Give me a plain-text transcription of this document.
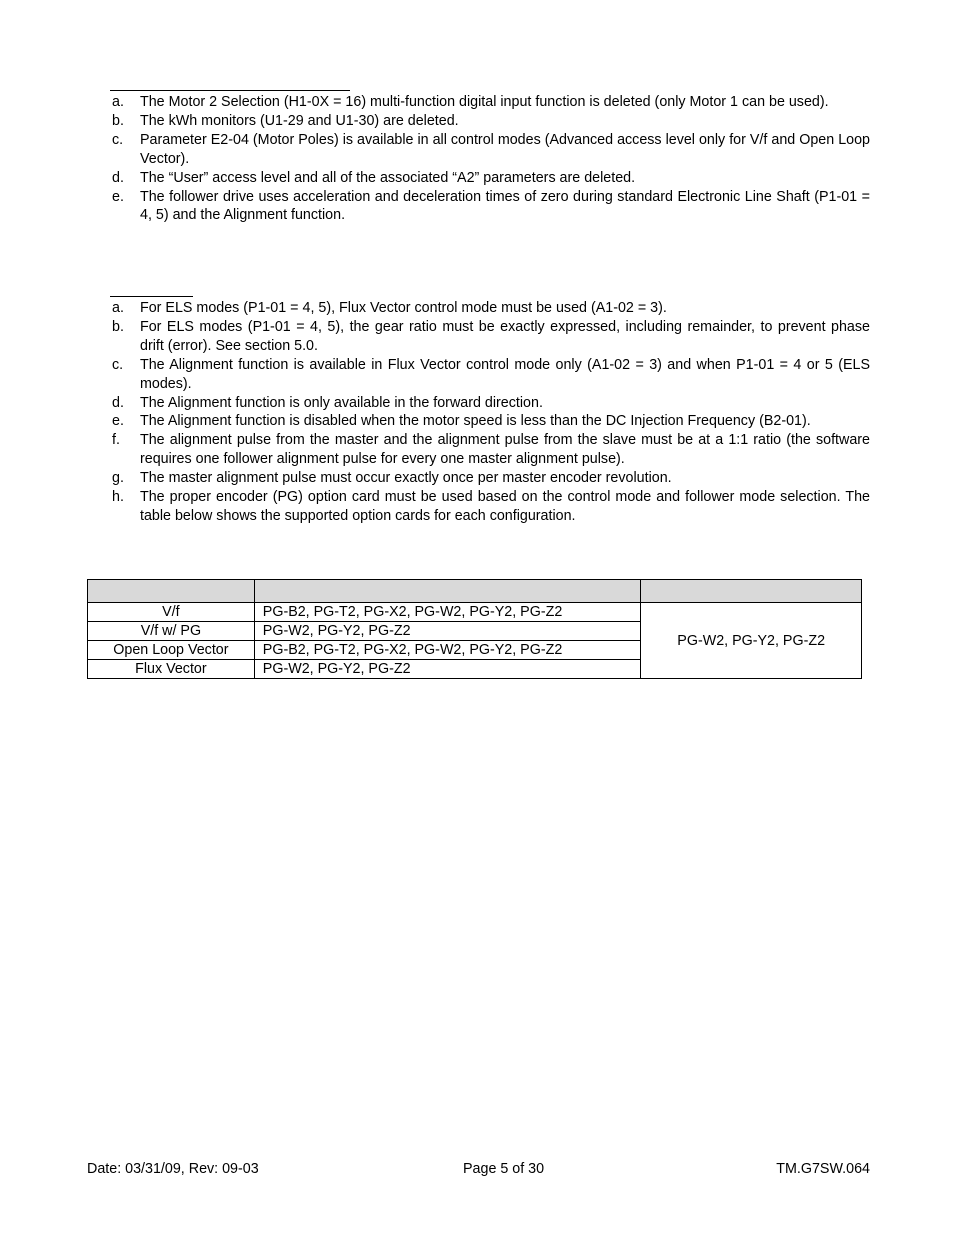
a. The Motor 2 Selection (H1-0X = 16) multi-function digital input function is deleted (only Motor 1 can be used).
b. The kWh monitors (U1-29 and U1-30) are deleted.
c. Parameter E2-04 (Motor Poles) is available in all control modes (Advanced access level only for V/f and Open Loop Vector).
d. The “User” access level and all of the associated “A2” parameters are deleted.
e. The follower drive uses acceleration and deceleration times of zero during standard Electronic Line Shaft (P1-01 = 4, 5) and the Alignment function.
a. For ELS modes (P1-01 = 4, 5), Flux Vector control mode must be used (A1-02 = 3).
b. For ELS modes (P1-01 = 4, 5), the gear ratio must be exactly expressed, including remainder, to prevent phase drift (error). See section 5.0.
c. The Alignment function is available in Flux Vector control mode only (A1-02 = 3) and when P1-01 = 4 or 5 (ELS modes).
d. The Alignment function is only available in the forward direction.
e. The Alignment function is disabled when the motor speed is less than the DC Injection Frequency (B2-01).
f. The alignment pulse from the master and the alignment pulse from the slave must be at a 1:1 ratio (the software requires one follower alignment pulse for every one master alignment pulse).
g. The master alignment pulse must occur exactly once per master encoder revolution.
h. The proper encoder (PG) option card must be used based on the control mode and follower mode selection. The table below shows the supported option cards for each configuration.

V/f	PG-B2, PG-T2, PG-X2, PG-W2, PG-Y2, PG-Z2	PG-W2, PG-Y2, PG-Z2
V/f w/ PG	PG-W2, PG-Y2, PG-Z2	
Open Loop Vector	PG-B2, PG-T2, PG-X2, PG-W2, PG-Y2, PG-Z2	
Flux Vector	PG-W2, PG-Y2, PG-Z2	
Date: 03/31/09, Rev: 09-03	Page 5 of 30	TM.G7SW.064
